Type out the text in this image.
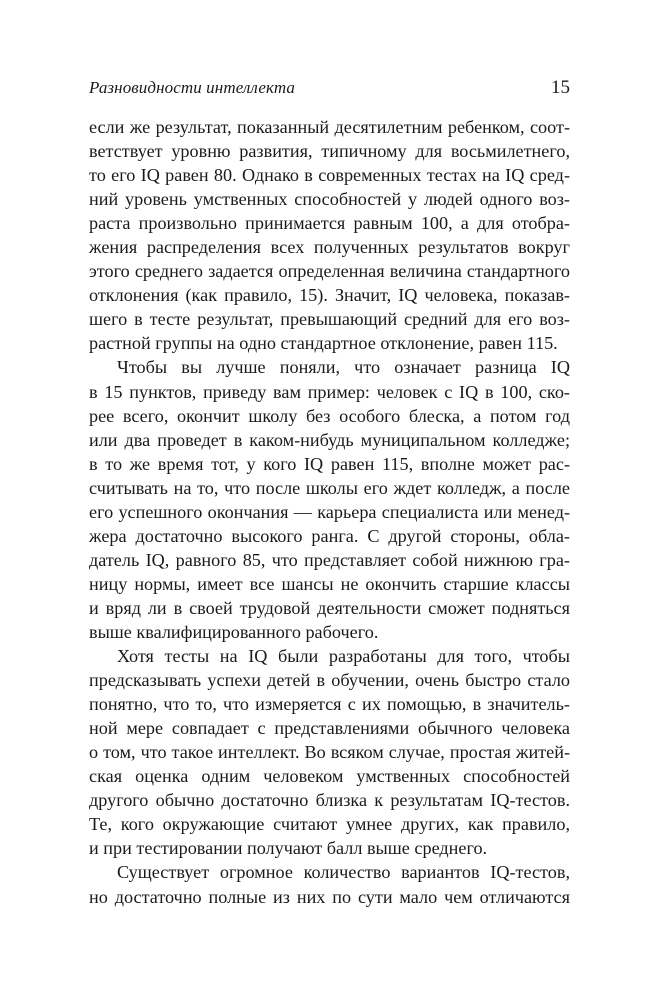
Разновидности интеллекта	15
если же результат, показанный десятилетним ребенком, соот-
ветствует уровню развития, типичному для восьмилетнего,
то его IQ равен 80. Однако в современных тестах на IQ сред-
ний уровень умственных способностей у людей одного воз-
раста произвольно принимается равным 100, а для отобра-
жения распределения всех полученных результатов вокруг
этого среднего задается определенная величина стандартного
отклонения (как правило, 15). Значит, IQ человека, показав-
шего в тесте результат, превышающий средний для его воз-
растной группы на одно стандартное отклонение, равен 115.
Чтобы вы лучше поняли, что означает разница IQ
в 15 пунктов, приведу вам пример: человек с IQ в 100, ско-
рее всего, окончит школу без особого блеска, а потом год
или два проведет в каком-нибудь муниципальном колледже;
в то же время тот, у кого IQ равен 115, вполне может рас-
считывать на то, что после школы его ждет колледж, а после
его успешного окончания — карьера специалиста или менед-
жера достаточно высокого ранга. С другой стороны, обла-
датель IQ, равного 85, что представляет собой нижнюю гра-
ницу нормы, имеет все шансы не окончить старшие классы
и вряд ли в своей трудовой деятельности сможет подняться
выше квалифицированного рабочего.
Хотя тесты на IQ были разработаны для того, чтобы
предсказывать успехи детей в обучении, очень быстро стало
понятно, что то, что измеряется с их помощью, в значитель-
ной мере совпадает с представлениями обычного человека
о том, что такое интеллект. Во всяком случае, простая житей-
ская оценка одним человеком умственных способностей
другого обычно достаточно близка к результатам IQ-тестов.
Те, кого окружающие считают умнее других, как правило,
и при тестировании получают балл выше среднего.
Существует огромное количество вариантов IQ-тестов,
но достаточно полные из них по сути мало чем отличаются
